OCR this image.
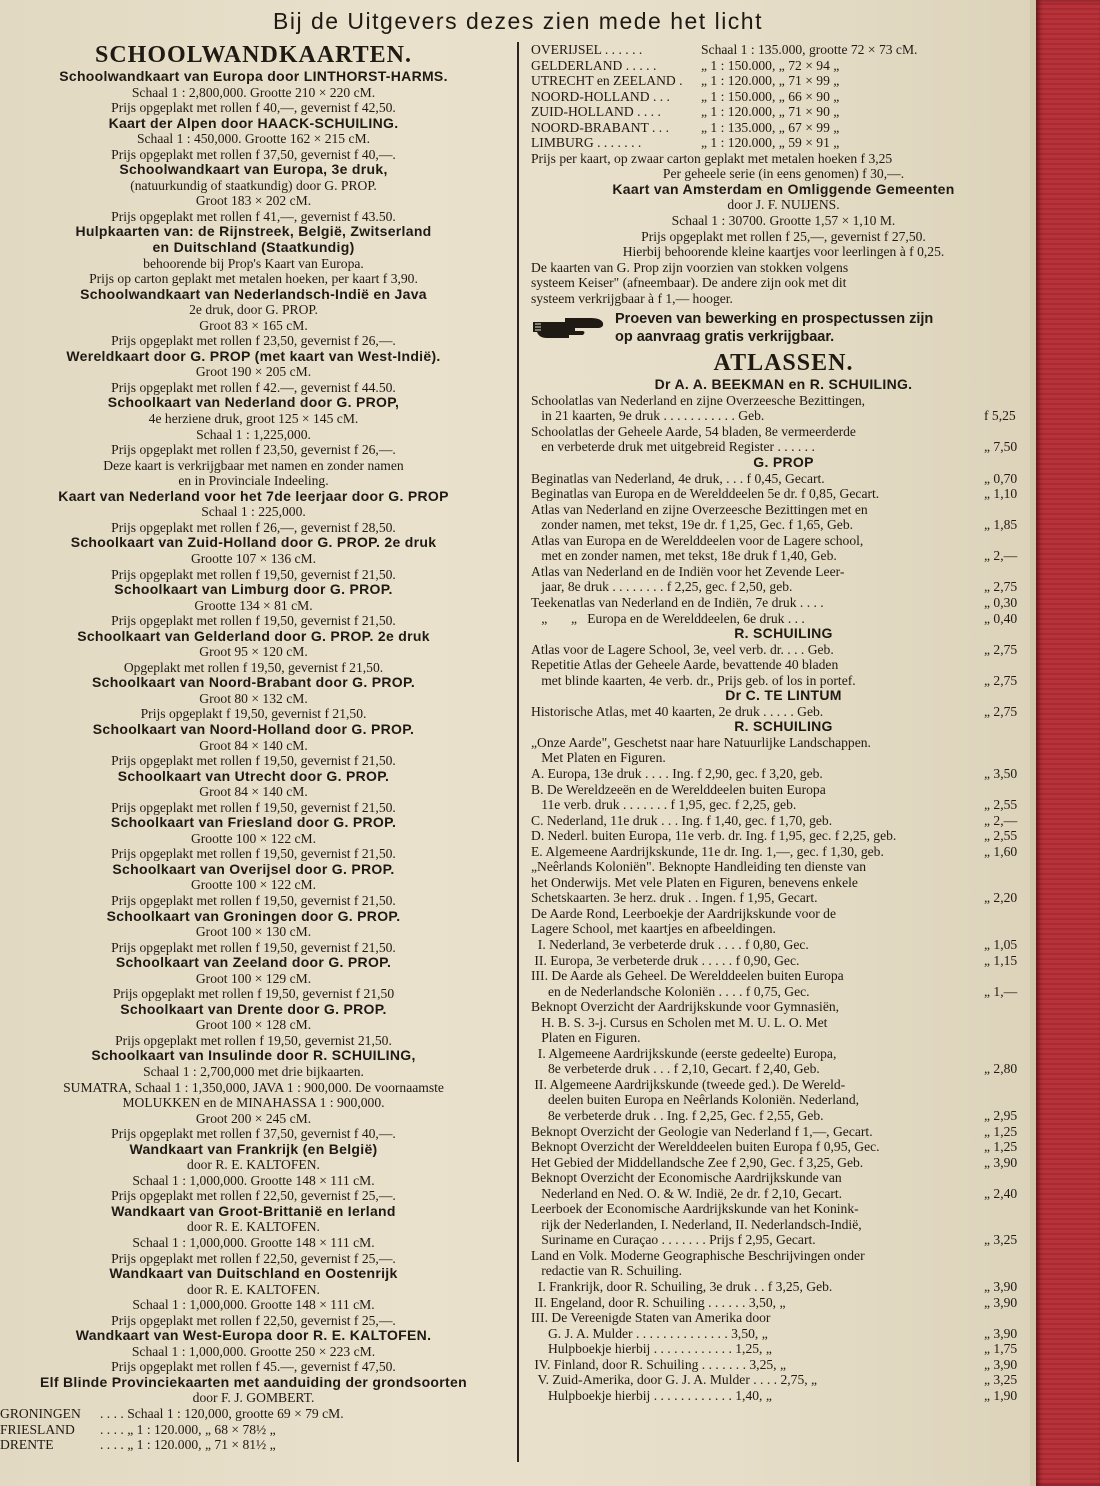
Bij de Uitgevers dezes zien mede het licht
SCHOOLWANDKAARTEN.
Schoolwandkaart van Europa door LINTHORST-HARMS.
Schaal 1 : 2,800,000. Grootte 210 × 220 cM.
Prijs opgeplakt met rollen f 40,—, gevernist f 42,50.
Kaart der Alpen door HAACK-SCHUILING.
Schaal 1 : 450,000. Grootte 162 × 215 cM.
Prijs opgeplakt met rollen f 37,50, gevernist f 40,—.
Schoolwandkaart van Europa, 3e druk,
(natuurkundig of staatkundig) door G. PROP.
Groot 183 × 202 cM.
Prijs opgeplakt met rollen f 41,—, gevernist f 43.50.
Hulpkaarten van: de Rijnstreek, België, Zwitserland
en Duitschland (Staatkundig)
behoorende bij Prop's Kaart van Europa.
Prijs op carton geplakt met metalen hoeken, per kaart f 3,90.
Schoolwandkaart van Nederlandsch-Indië en Java
2e druk, door G. PROP.
Groot 83 × 165 cM.
Prijs opgeplakt met rollen f 23,50, gevernist f 26,—.
Wereldkaart door G. PROP (met kaart van West-Indië).
Groot 190 × 205 cM.
Prijs opgeplakt met rollen f 42.—, gevernist f 44.50.
Schoolkaart van Nederland door G. PROP,
4e herziene druk, groot 125 × 145 cM.
Schaal 1 : 1,225,000.
Prijs opgeplakt met rollen f 23,50, gevernist f 26,—.
Deze kaart is verkrijgbaar met namen en zonder namen
en in Provinciale Indeeling.
Kaart van Nederland voor het 7de leerjaar door G. PROP
Schaal 1 : 225,000.
Prijs opgeplakt met rollen f 26,—, gevernist f 28,50.
Schoolkaart van Zuid-Holland door G. PROP. 2e druk
Grootte 107 × 136 cM.
Prijs opgeplakt met rollen f 19,50, gevernist f 21,50.
Schoolkaart van Limburg door G. PROP.
Grootte 134 × 81 cM.
Prijs opgeplakt met rollen f 19,50, gevernist f 21,50.
Schoolkaart van Gelderland door G. PROP. 2e druk
Groot 95 × 120 cM.
Opgeplakt met rollen f 19,50, gevernist f 21,50.
Schoolkaart van Noord-Brabant door G. PROP.
Groot 80 × 132 cM.
Prijs opgeplakt f 19,50, gevernist f 21,50.
Schoolkaart van Noord-Holland door G. PROP.
Groot 84 × 140 cM.
Prijs opgeplakt met rollen f 19,50, gevernist f 21,50.
Schoolkaart van Utrecht door G. PROP.
Groot 84 × 140 cM.
Prijs opgeplakt met rollen f 19,50, gevernist f 21,50.
Schoolkaart van Friesland door G. PROP.
Grootte 100 × 122 cM.
Prijs opgeplakt met rollen f 19,50, gevernist f 21,50.
Schoolkaart van Overijsel door G. PROP.
Grootte 100 × 122 cM.
Prijs opgeplakt met rollen f 19,50, gevernist f 21,50.
Schoolkaart van Groningen door G. PROP.
Groot 100 × 130 cM.
Prijs opgeplakt met rollen f 19,50, gevernist f 21,50.
Schoolkaart van Zeeland door G. PROP.
Groot 100 × 129 cM.
Prijs opgeplakt met rollen f 19,50, gevernist f 21,50
Schoolkaart van Drente door G. PROP.
Groot 100 × 128 cM.
Prijs opgeplakt met rollen f 19,50, gevernist 21,50.
Schoolkaart van Insulinde door R. SCHUILING,
Schaal 1 : 2,700,000 met drie bijkaarten.
SUMATRA, Schaal 1 : 1,350,000, JAVA 1 : 900,000. De voornaamste
MOLUKKEN en de MINAHASSA 1 : 900,000.
Groot 200 × 245 cM.
Prijs opgeplakt met rollen f 37,50, gevernist f 40,—.
Wandkaart van Frankrijk (en België)
door R. E. KALTOFEN.
Schaal 1 : 1,000,000. Grootte 148 × 111 cM.
Prijs opgeplakt met rollen f 22,50, gevernist f 25,—.
Wandkaart van Groot-Brittanië en Ierland
door R. E. KALTOFEN.
Schaal 1 : 1,000,000. Grootte 148 × 111 cM.
Prijs opgeplakt met rollen f 22,50, gevernist f 25,—.
Wandkaart van Duitschland en Oostenrijk
door R. E. KALTOFEN.
Schaal 1 : 1,000,000. Grootte 148 × 111 cM.
Prijs opgeplakt met rollen f 22,50, gevernist f 25,—.
Wandkaart van West-Europa door R. E. KALTOFEN.
Schaal 1 : 1,000,000. Grootte 250 × 223 cM.
Prijs opgeplakt met rollen f 45.—, gevernist f 47,50.
Elf Blinde Provinciekaarten met aanduiding der grondsoorten
door F. J. GOMBERT.
GRONINGEN	. . . . Schaal 1 : 120,000, grootte 69 × 79 cM.
FRIESLAND	. . . . „ 1 : 120.000, „ 68 × 78½ „
DRENTE	. . . . „ 1 : 120.000, „ 71 × 81½ „
OVERIJSEL . . . . . .	Schaal 1 : 135.000, grootte 72 × 73 cM.
GELDERLAND . . . . .	„ 1 : 150.000, „ 72 × 94 „
UTRECHT en ZEELAND .	„ 1 : 120.000, „ 71 × 99 „
NOORD-HOLLAND . . .	„ 1 : 150.000, „ 66 × 90 „
ZUID-HOLLAND . . . .	„ 1 : 120.000, „ 71 × 90 „
NOORD-BRABANT . . .	„ 1 : 135.000, „ 67 × 99 „
LIMBURG . . . . . . .	„ 1 : 120.000, „ 59 × 91 „
Prijs per kaart, op zwaar carton geplakt met metalen hoeken f 3,25
Per geheele serie (in eens genomen) f 30,—.
Kaart van Amsterdam en Omliggende Gemeenten
door J. F. NUIJENS.
Schaal 1 : 30700. Grootte 1,57 × 1,10 M.
Prijs opgeplakt met rollen f 25,—, gevernist f 27,50.
Hierbij behoorende kleine kaartjes voor leerlingen à f 0,25.
De kaarten van G. Prop zijn voorzien van stokken volgens
systeem Keiser" (afneembaar). De andere zijn ook met dit
systeem verkrijgbaar à f 1,— hooger.
Proeven van bewerking en prospectussen zijn
op aanvraag gratis verkrijgbaar.
ATLASSEN.
Dr A. A. BEEKMAN en R. SCHUILING.
Schoolatlas van Nederland en zijne Overzeesche Bezittingen,
in 21 kaarten, 9e druk . . . . . . . . . . . Geb.	f 5,25
Schoolatlas der Geheele Aarde, 54 bladen, 8e vermeerderde
en verbeterde druk met uitgebreid Register . . . . . .	„ 7,50
G. PROP
Beginatlas van Nederland, 4e druk, . . . f 0,45, Gecart.	„ 0,70
Beginatlas van Europa en de Werelddeelen 5e dr. f 0,85, Gecart.	„ 1,10
Atlas van Nederland en zijne Overzeesche Bezittingen met en
zonder namen, met tekst, 19e dr. f 1,25, Gec. f 1,65, Geb.	„ 1,85
Atlas van Europa en de Werelddeelen voor de Lagere school,
met en zonder namen, met tekst, 18e druk f 1,40, Geb.	„ 2,—
Atlas van Nederland en de Indiën voor het Zevende Leer-
jaar, 8e druk . . . . . . . . f 2,25, gec. f 2,50, geb.	„ 2,75
Teekenatlas van Nederland en de Indiën, 7e druk . . . .	„ 0,30
„       „   Europa en de Werelddeelen, 6e druk . . .	„ 0,40
R. SCHUILING
Atlas voor de Lagere School, 3e, veel verb. dr. . . . Geb.	„ 2,75
Repetitie Atlas der Geheele Aarde, bevattende 40 bladen
met blinde kaarten, 4e verb. dr., Prijs geb. of los in portef.	„ 2,75
Dr C. TE LINTUM
Historische Atlas, met 40 kaarten, 2e druk . . . . . Geb.	„ 2,75
R. SCHUILING
„Onze Aarde", Geschetst naar hare Natuurlijke Landschappen.
Met Platen en Figuren.
A. Europa, 13e druk . . . . Ing. f 2,90, gec. f 3,20, geb.	„ 3,50
B. De Wereldzeeën en de Werelddeelen buiten Europa
11e verb. druk . . . . . . . f 1,95, gec. f 2,25, geb.	„ 2,55
C. Nederland, 11e druk . . . Ing. f 1,40, gec. f 1,70, geb.	„ 2,—
D. Nederl. buiten Europa, 11e verb. dr. Ing. f 1,95, gec. f 2,25, geb.	„ 2,55
E. Algemeene Aardrijkskunde, 11e dr. Ing. 1,—, gec. f 1,30, geb.	„ 1,60
„Neêrlands Koloniën". Beknopte Handleiding ten dienste van
het Onderwijs. Met vele Platen en Figuren, benevens enkele
Schetskaarten. 3e herz. druk . . Ingen. f 1,95, Gecart.	„ 2,20
De Aarde Rond, Leerboekje der Aardrijkskunde voor de
Lagere School, met kaartjes en afbeeldingen.
I. Nederland, 3e verbeterde druk . . . . f 0,80, Gec.	„ 1,05
II. Europa, 3e verbeterde druk . . . . . f 0,90, Gec.	„ 1,15
III. De Aarde als Geheel. De Werelddeelen buiten Europa
en de Nederlandsche Koloniën . . . . f 0,75, Gec.	„ 1,—
Beknopt Overzicht der Aardrijkskunde voor Gymnasiën,
H. B. S. 3-j. Cursus en Scholen met M. U. L. O. Met
Platen en Figuren.
I. Algemeene Aardrijkskunde (eerste gedeelte) Europa,
8e verbeterde druk . . . f 2,10, Gecart. f 2,40, Geb.	„ 2,80
II. Algemeene Aardrijkskunde (tweede ged.). De Wereld-
deelen buiten Europa en Neêrlands Koloniën. Nederland,
8e verbeterde druk . . Ing. f 2,25, Gec. f 2,55, Geb.	„ 2,95
Beknopt Overzicht der Geologie van Nederland f 1,—, Gecart.	„ 1,25
Beknopt Overzicht der Werelddeelen buiten Europa f 0,95, Gec.	„ 1,25
Het Gebied der Middellandsche Zee f 2,90, Gec. f 3,25, Geb.	„ 3,90
Beknopt Overzicht der Economische Aardrijkskunde van
Nederland en Ned. O. & W. Indië, 2e dr. f 2,10, Gecart.	„ 2,40
Leerboek der Economische Aardrijkskunde van het Konink-
rijk der Nederlanden, I. Nederland, II. Nederlandsch-Indië,
Suriname en Curaçao . . . . . . . Prijs f 2,95, Gecart.	„ 3,25
Land en Volk. Moderne Geographische Beschrijvingen onder
redactie van R. Schuiling.
I. Frankrijk, door R. Schuiling, 3e druk . . f 3,25, Geb.	„ 3,90
II. Engeland, door R. Schuiling . . . . . . 3,50, „	„ 3,90
III. De Vereenigde Staten van Amerika door
G. J. A. Mulder . . . . . . . . . . . . . . 3,50, „	„ 3,90
Hulpboekje hierbij . . . . . . . . . . . . 1,25, „	„ 1,75
IV. Finland, door R. Schuiling . . . . . . . 3,25, „	„ 3,90
V. Zuid-Amerika, door G. J. A. Mulder . . . . 2,75, „	„ 3,25
Hulpboekje hierbij . . . . . . . . . . . . 1,40, „	„ 1,90
